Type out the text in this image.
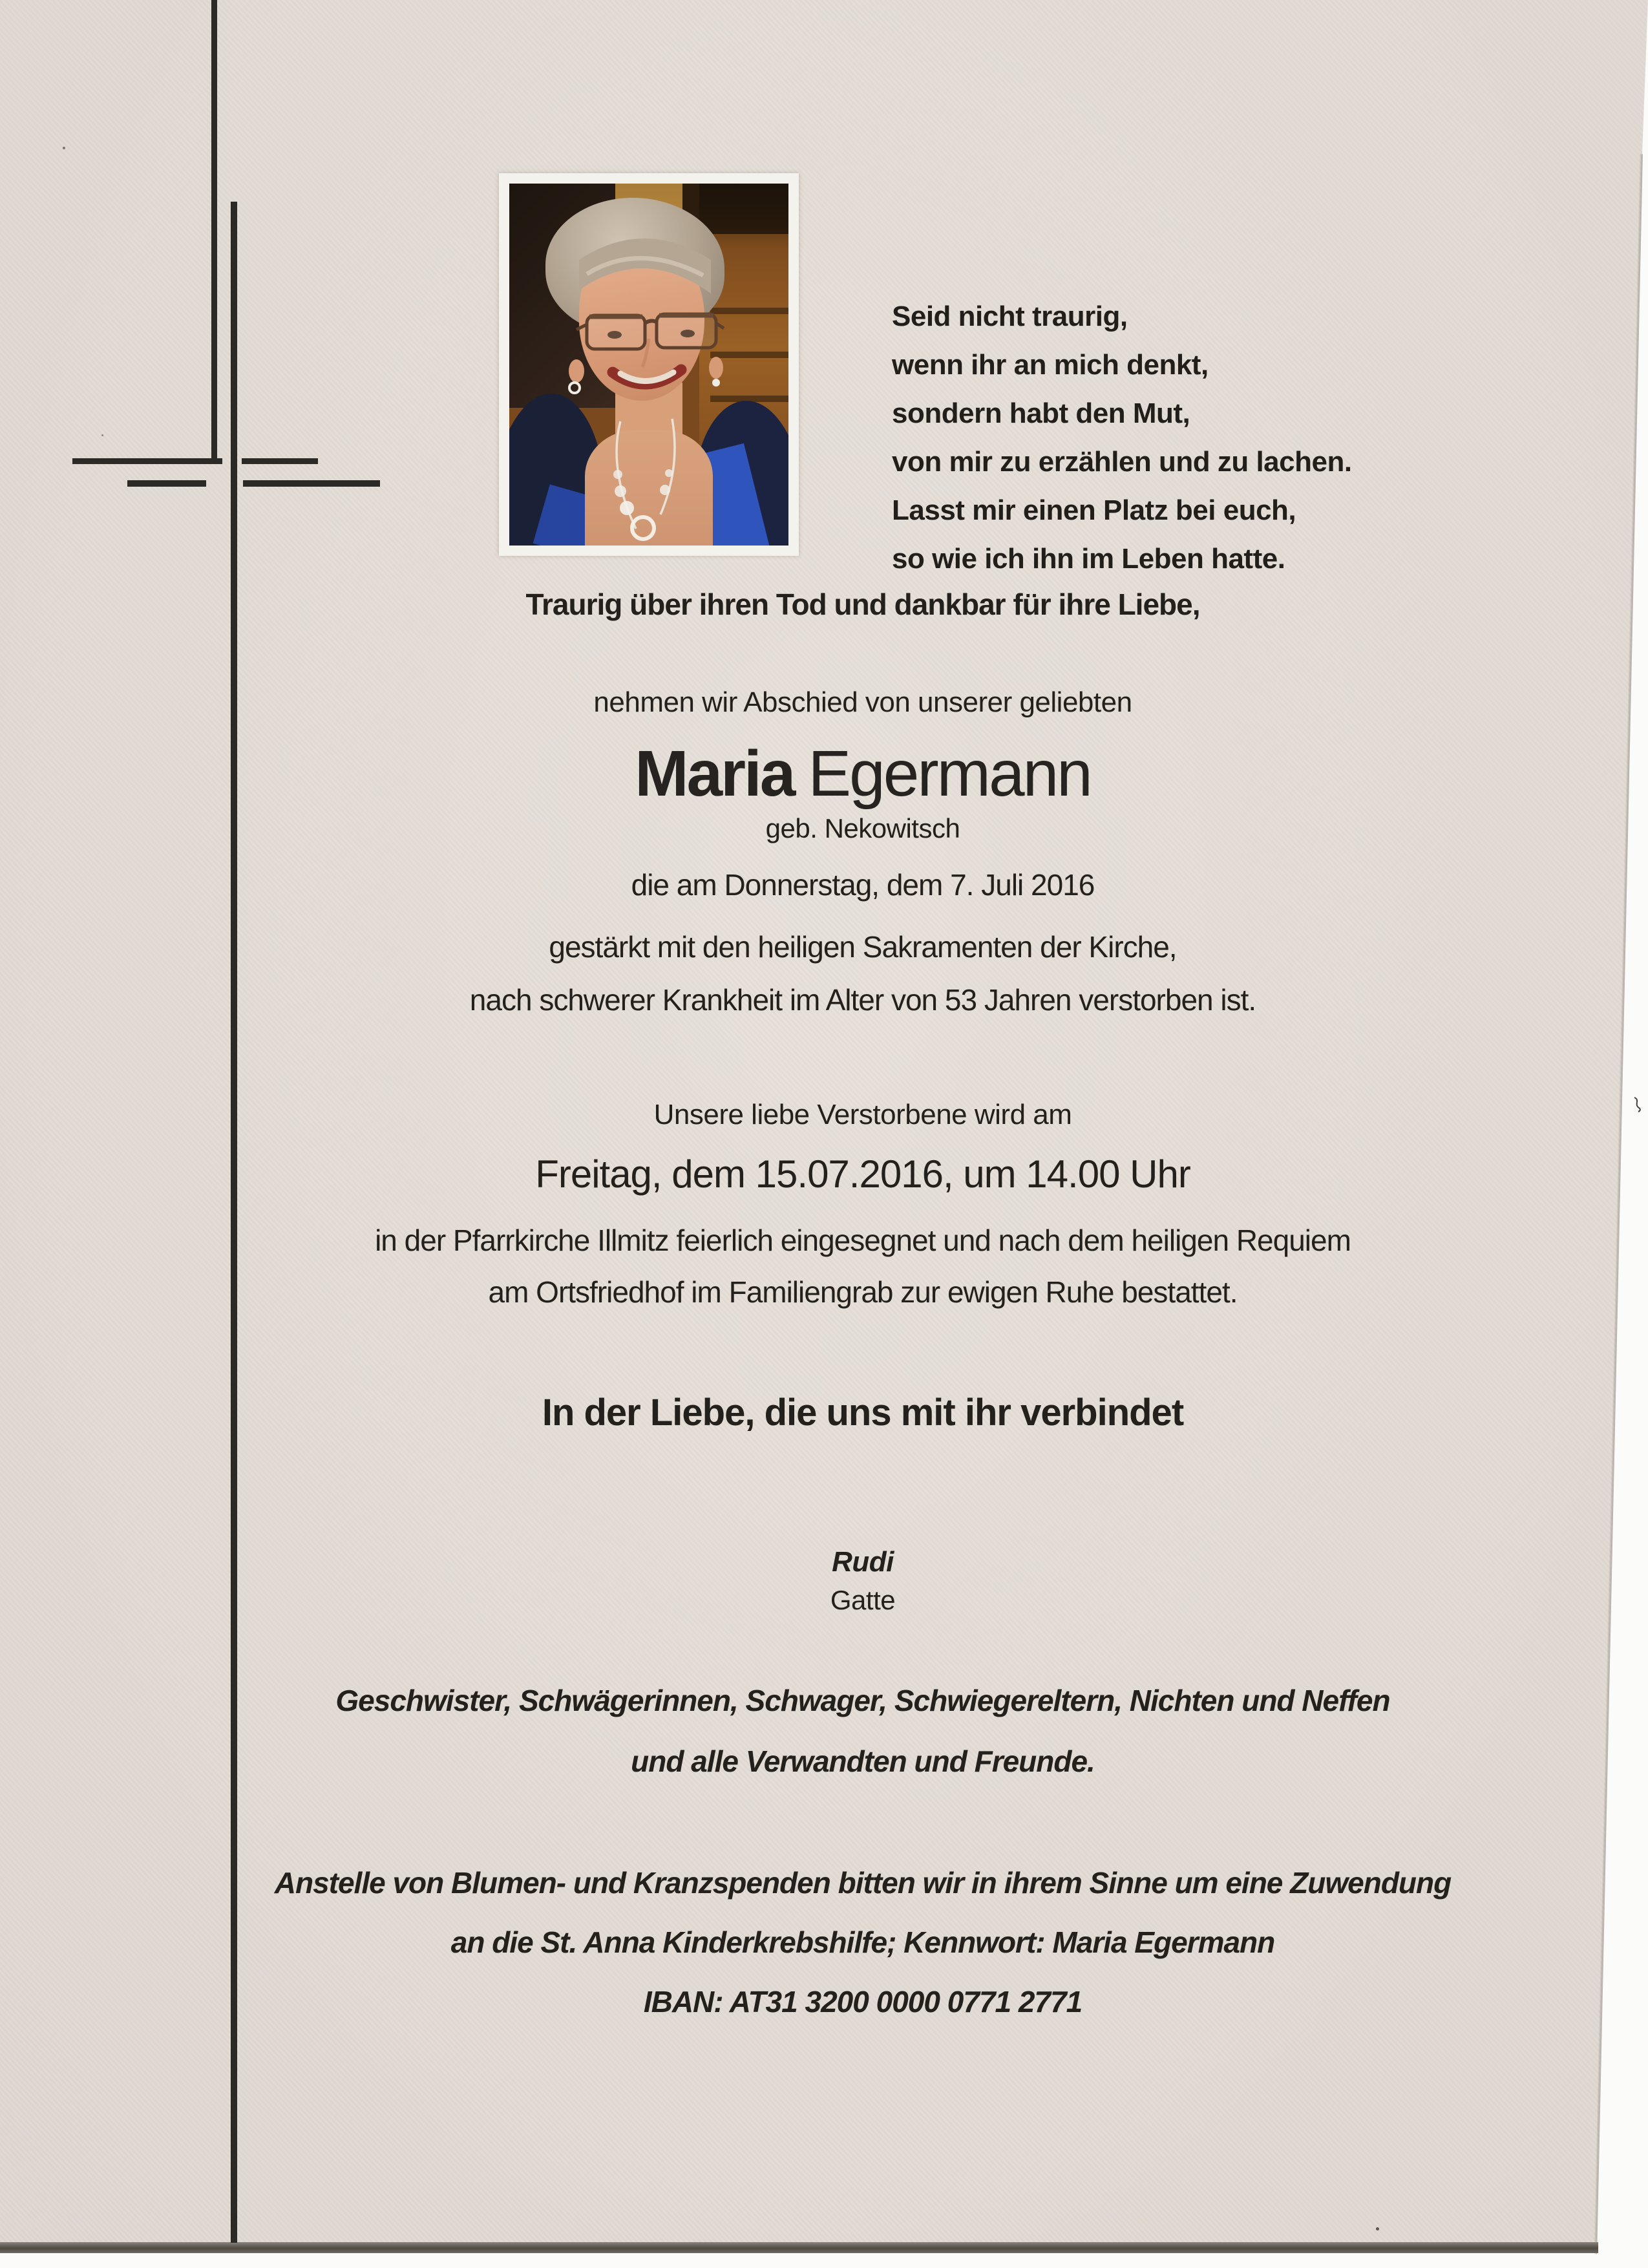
Seid nicht traurig,
wenn ihr an mich denkt,
sondern habt den Mut,
von mir zu erzählen und zu lachen.
Lasst mir einen Platz bei euch,
so wie ich ihn im Leben hatte.
Traurig über ihren Tod und dankbar für ihre Liebe,
nehmen wir Abschied von unserer geliebten
Maria Egermann
geb. Nekowitsch
die am Donnerstag, dem 7. Juli 2016
gestärkt mit den heiligen Sakramenten der Kirche,
nach schwerer Krankheit im Alter von 53 Jahren verstorben ist.
Unsere liebe Verstorbene wird am
Freitag, dem 15.07.2016, um 14.00 Uhr
in der Pfarrkirche Illmitz feierlich eingesegnet und nach dem heiligen Requiem
am Ortsfriedhof im Familiengrab zur ewigen Ruhe bestattet.
In der Liebe, die uns mit ihr verbindet
Rudi
Gatte
Geschwister, Schwägerinnen, Schwager, Schwiegereltern, Nichten und Neffen
und alle Verwandten und Freunde.
Anstelle von Blumen- und Kranzspenden bitten wir in ihrem Sinne um eine Zuwendung
an die St. Anna Kinderkrebshilfe; Kennwort: Maria Egermann
IBAN: AT31 3200 0000 0771 2771
